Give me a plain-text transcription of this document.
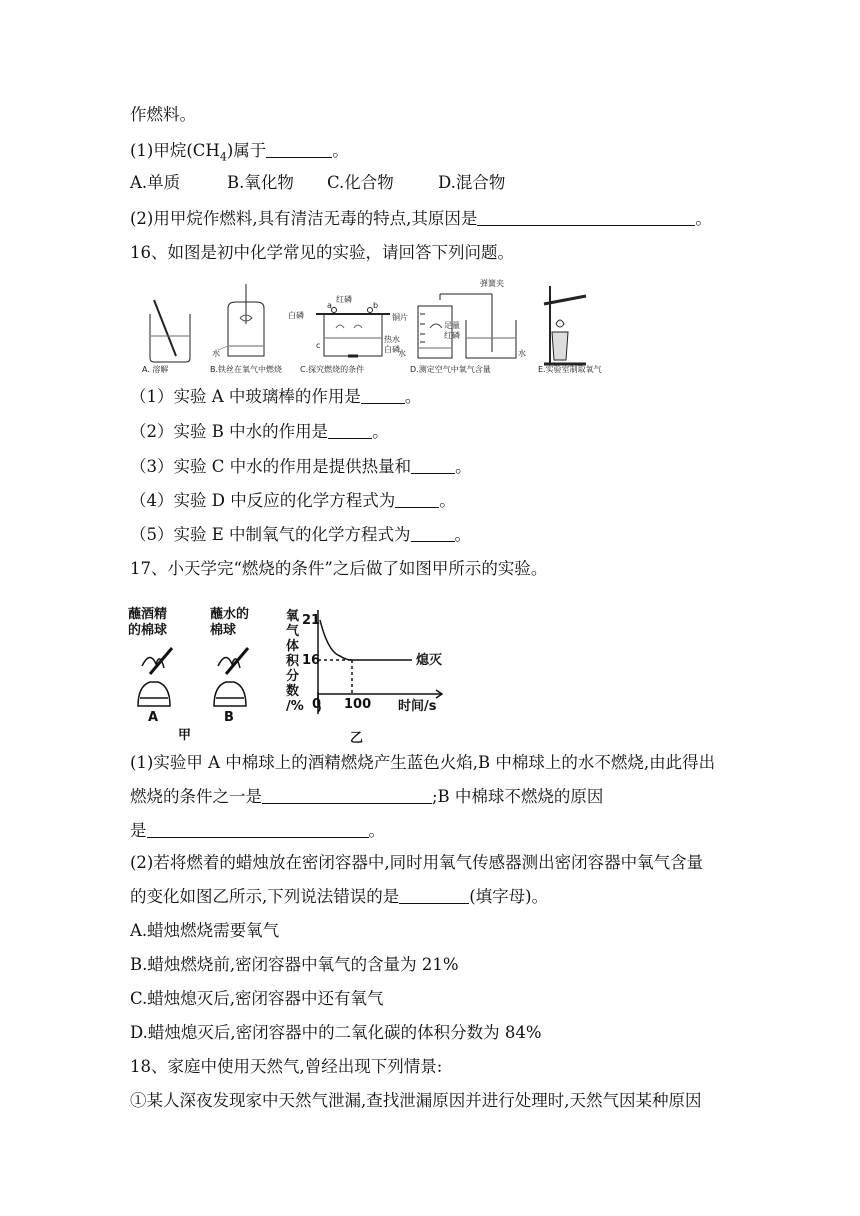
作燃料。
(1)甲烷$(CH_4)$属于	。
A.单质	B.氧化物 C.化合物	D.混合物
(2)用甲烷作燃料,具有清洁无毒的特点,其原因是	。
16、如图是初中化学常见的实验，请回答下列问题。
A. 溶解	B.铁丝在氧气中燃烧 C.探究燃烧的条件	D.测定空气中氧气含量	E.实验室制取氧气
水
红磷
白磷	铜片
热水
白磷
a	b
c
弹簧夹
足量
红磷
水	水
（1）实验 A 中玻璃棒的作用是	。
（2）实验 B 中水的作用是	。
（3）实验 C 中水的作用是提供热量和	。
（4）实验 D 中反应的化学方程式为	。
（5）实验 E 中制氧气的化学方程式为	。
17、小天学完“燃烧的条件”之后做了如图甲所示的实验。
蘸酒精
的棉球
蘸水的
棉球
A	B
甲
氧
气
体
积
分
数
/%
21
16
0 100 时间/s
熄灭
乙
(1)实验甲 A 中棉球上的酒精燃烧产生蓝色火焰,B 中棉球上的水不燃烧,由此得出
燃烧的条件之一是	;B 中棉球不燃烧的原因
是	。
(2)若将燃着的蜡烛放在密闭容器中,同时用氧气传感器测出密闭容器中氧气含量
的变化如图乙所示,下列说法错误的是	(填字母)。
A.蜡烛燃烧需要氧气
B.蜡烛燃烧前,密闭容器中氧气的含量为 21%
C.蜡烛熄灭后,密闭容器中还有氧气
D.蜡烛熄灭后,密闭容器中的二氧化碳的体积分数为 84%
18、家庭中使用天然气,曾经出现下列情景:
①某人深夜发现家中天然气泄漏,查找泄漏原因并进行处理时,天然气因某种原因
